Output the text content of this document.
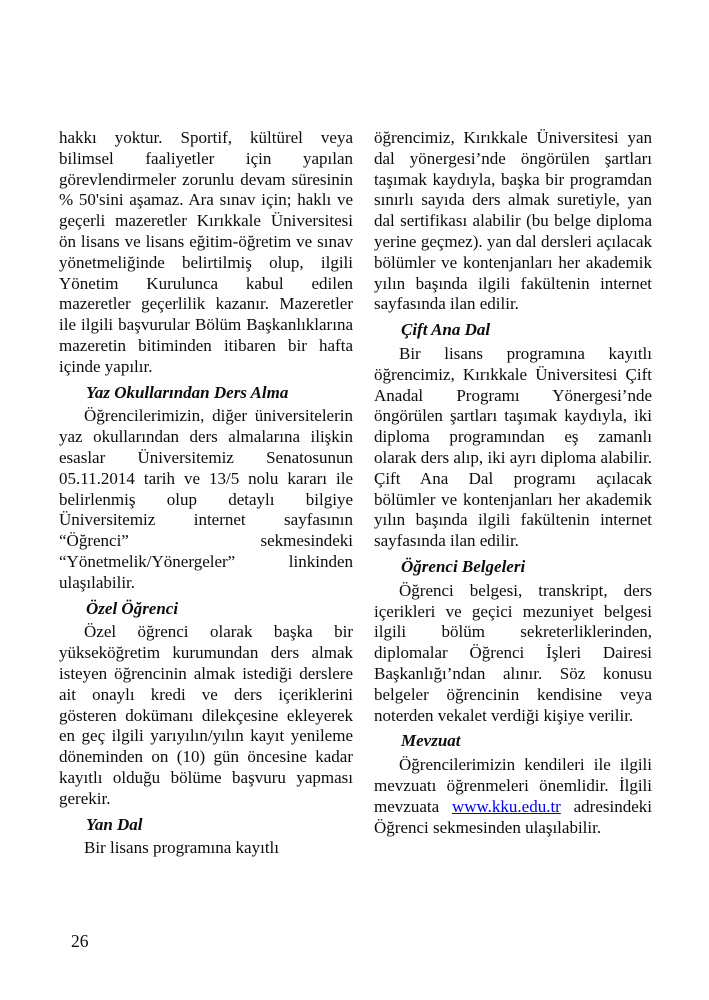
hakkı yoktur. Sportif, kültürel veya bilimsel faaliyetler için yapılan görevlendirmeler zorunlu devam süresinin % 50'sini aşamaz. Ara sınav için; haklı ve geçerli mazeretler Kırıkkale Üniversitesi ön lisans ve lisans eğitim-öğretim ve sınav yönetmeliğinde belirtilmiş olup, ilgili Yönetim Kurulunca kabul edilen mazeretler geçerlilik kazanır. Mazeretler ile ilgili başvurular Bölüm Başkanlıklarına mazeretin bitiminden itibaren bir hafta içinde yapılır.

Yaz Okullarından Ders Alma

Öğrencilerimizin, diğer üniversitelerin yaz okullarından ders almalarına ilişkin esaslar Üniversitemiz Senatosunun 05.11.2014 tarih ve 13/5 nolu kararı ile belirlenmiş olup detaylı bilgiye Üniversitemiz internet sayfasının “Öğrenci” sekmesindeki “Yönetmelik/Yönergeler” linkinden ulaşılabilir.

Özel Öğrenci

Özel öğrenci olarak başka bir yükseköğretim kurumundan ders almak isteyen öğrencinin almak istediği derslere ait onaylı kredi ve ders içeriklerini gösteren dokümanı dilekçesine ekleyerek en geç ilgili yarıyılın/yılın kayıt yenileme döneminden on (10) gün öncesine kadar kayıtlı olduğu bölüme başvuru yapması gerekir.

Yan Dal

Bir lisans programına kayıtlı

öğrencimiz, Kırıkkale Üniversitesi yan dal yönergesi’nde öngörülen şartları taşımak kaydıyla, başka bir programdan sınırlı sayıda ders almak suretiyle, yan dal sertifikası alabilir (bu belge diploma yerine geçmez). yan dal dersleri açılacak bölümler ve kontenjanları her akademik yılın başında ilgili fakültenin internet sayfasında ilan edilir.

Çift Ana Dal

Bir lisans programına kayıtlı öğrencimiz, Kırıkkale Üniversitesi Çift Anadal Programı Yönergesi’nde öngörülen şartları taşımak kaydıyla, iki diploma programından eş zamanlı olarak ders alıp, iki ayrı diploma alabilir. Çift Ana Dal programı açılacak bölümler ve kontenjanları her akademik yılın başında ilgili fakültenin internet sayfasında ilan edilir.

Öğrenci Belgeleri

Öğrenci belgesi, transkript, ders içerikleri ve geçici mezuniyet belgesi ilgili bölüm sekreterliklerinden, diplomalar Öğrenci İşleri Dairesi Başkanlığı’ndan alınır. Söz konusu belgeler öğrencinin kendisine veya noterden vekalet verdiği kişiye verilir.

Mevzuat

Öğrencilerimizin kendileri ile ilgili mevzuatı öğrenmeleri önemlidir. İlgili mevzuata www.kku.edu.tr adresindeki Öğrenci sekmesinden ulaşılabilir.

26
